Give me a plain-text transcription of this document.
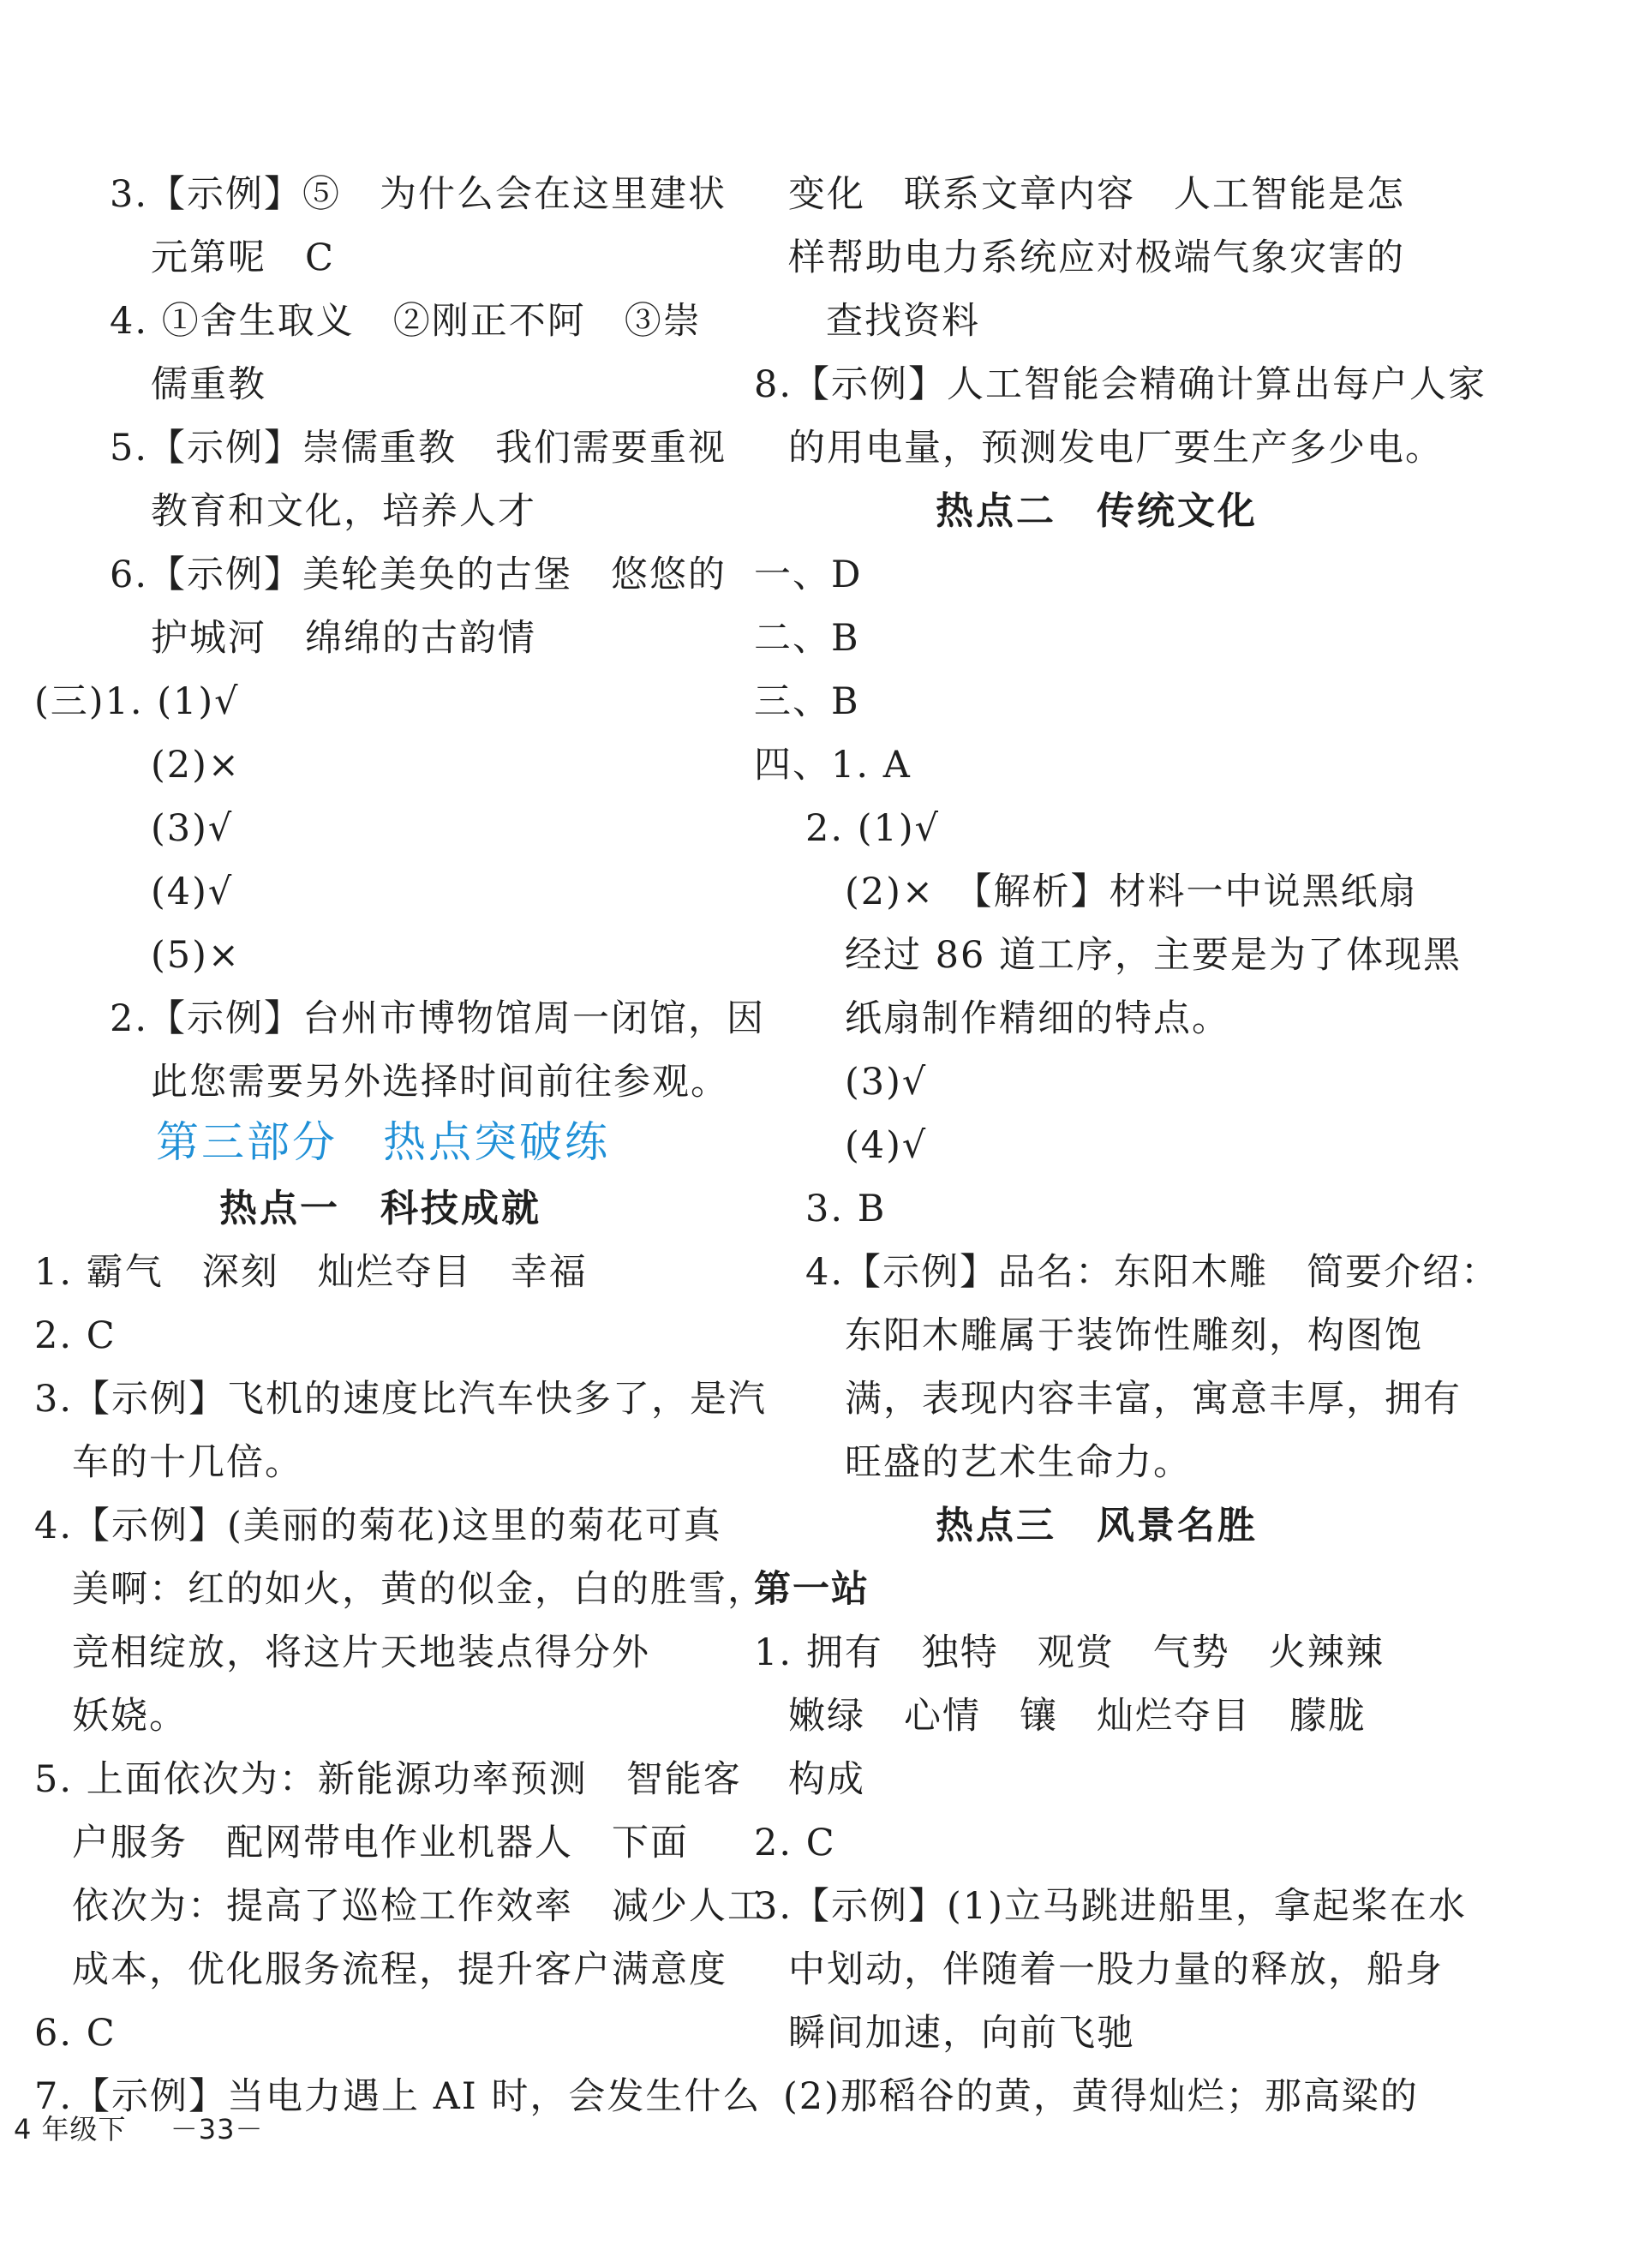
3.【示例】⑤　为什么会在这里建状
元第呢　C
4. ①舍生取义　②刚正不阿　③崇
儒重教
5.【示例】崇儒重教　我们需要重视
教育和文化，培养人才
6.【示例】美轮美奂的古堡　悠悠的
护城河　绵绵的古韵情
(三)1. (1)√
(2)×
(3)√
(4)√
(5)×
2.【示例】台州市博物馆周一闭馆，因
此您需要另外选择时间前往参观。
第三部分　热点突破练
热点一　科技成就
1. 霸气　深刻　灿烂夺目　幸福
2. C
3.【示例】飞机的速度比汽车快多了，是汽
车的十几倍。
4.【示例】(美丽的菊花)这里的菊花可真
美啊：红的如火，黄的似金，白的胜雪，
竞相绽放，将这片天地装点得分外
妖娆。
5. 上面依次为：新能源功率预测　智能客
户服务　配网带电作业机器人　下面
依次为：提高了巡检工作效率　减少人工
成本，优化服务流程，提升客户满意度
6. C
7.【示例】当电力遇上 AI 时，会发生什么
变化　联系文章内容　人工智能是怎
样帮助电力系统应对极端气象灾害的
查找资料
8.【示例】人工智能会精确计算出每户人家
的用电量，预测发电厂要生产多少电。
热点二　传统文化
一、D
二、B
三、B
四、1. A
2. (1)√
(2)×　【解析】材料一中说黑纸扇
经过 86 道工序，主要是为了体现黑
纸扇制作精细的特点。
(3)√
(4)√
3. B
4.【示例】品名：东阳木雕　简要介绍：
东阳木雕属于装饰性雕刻，构图饱
满，表现内容丰富，寓意丰厚，拥有
旺盛的艺术生命力。
热点三　风景名胜
第一站
1. 拥有　独特　观赏　气势　火辣辣
嫩绿　心情　镶　灿烂夺目　朦胧
构成
2. C
3.【示例】(1)立马跳进船里，拿起桨在水
中划动，伴随着一股力量的释放，船身
瞬间加速，向前飞驰
(2)那稻谷的黄，黄得灿烂；那高粱的
4 年级下 －33－
